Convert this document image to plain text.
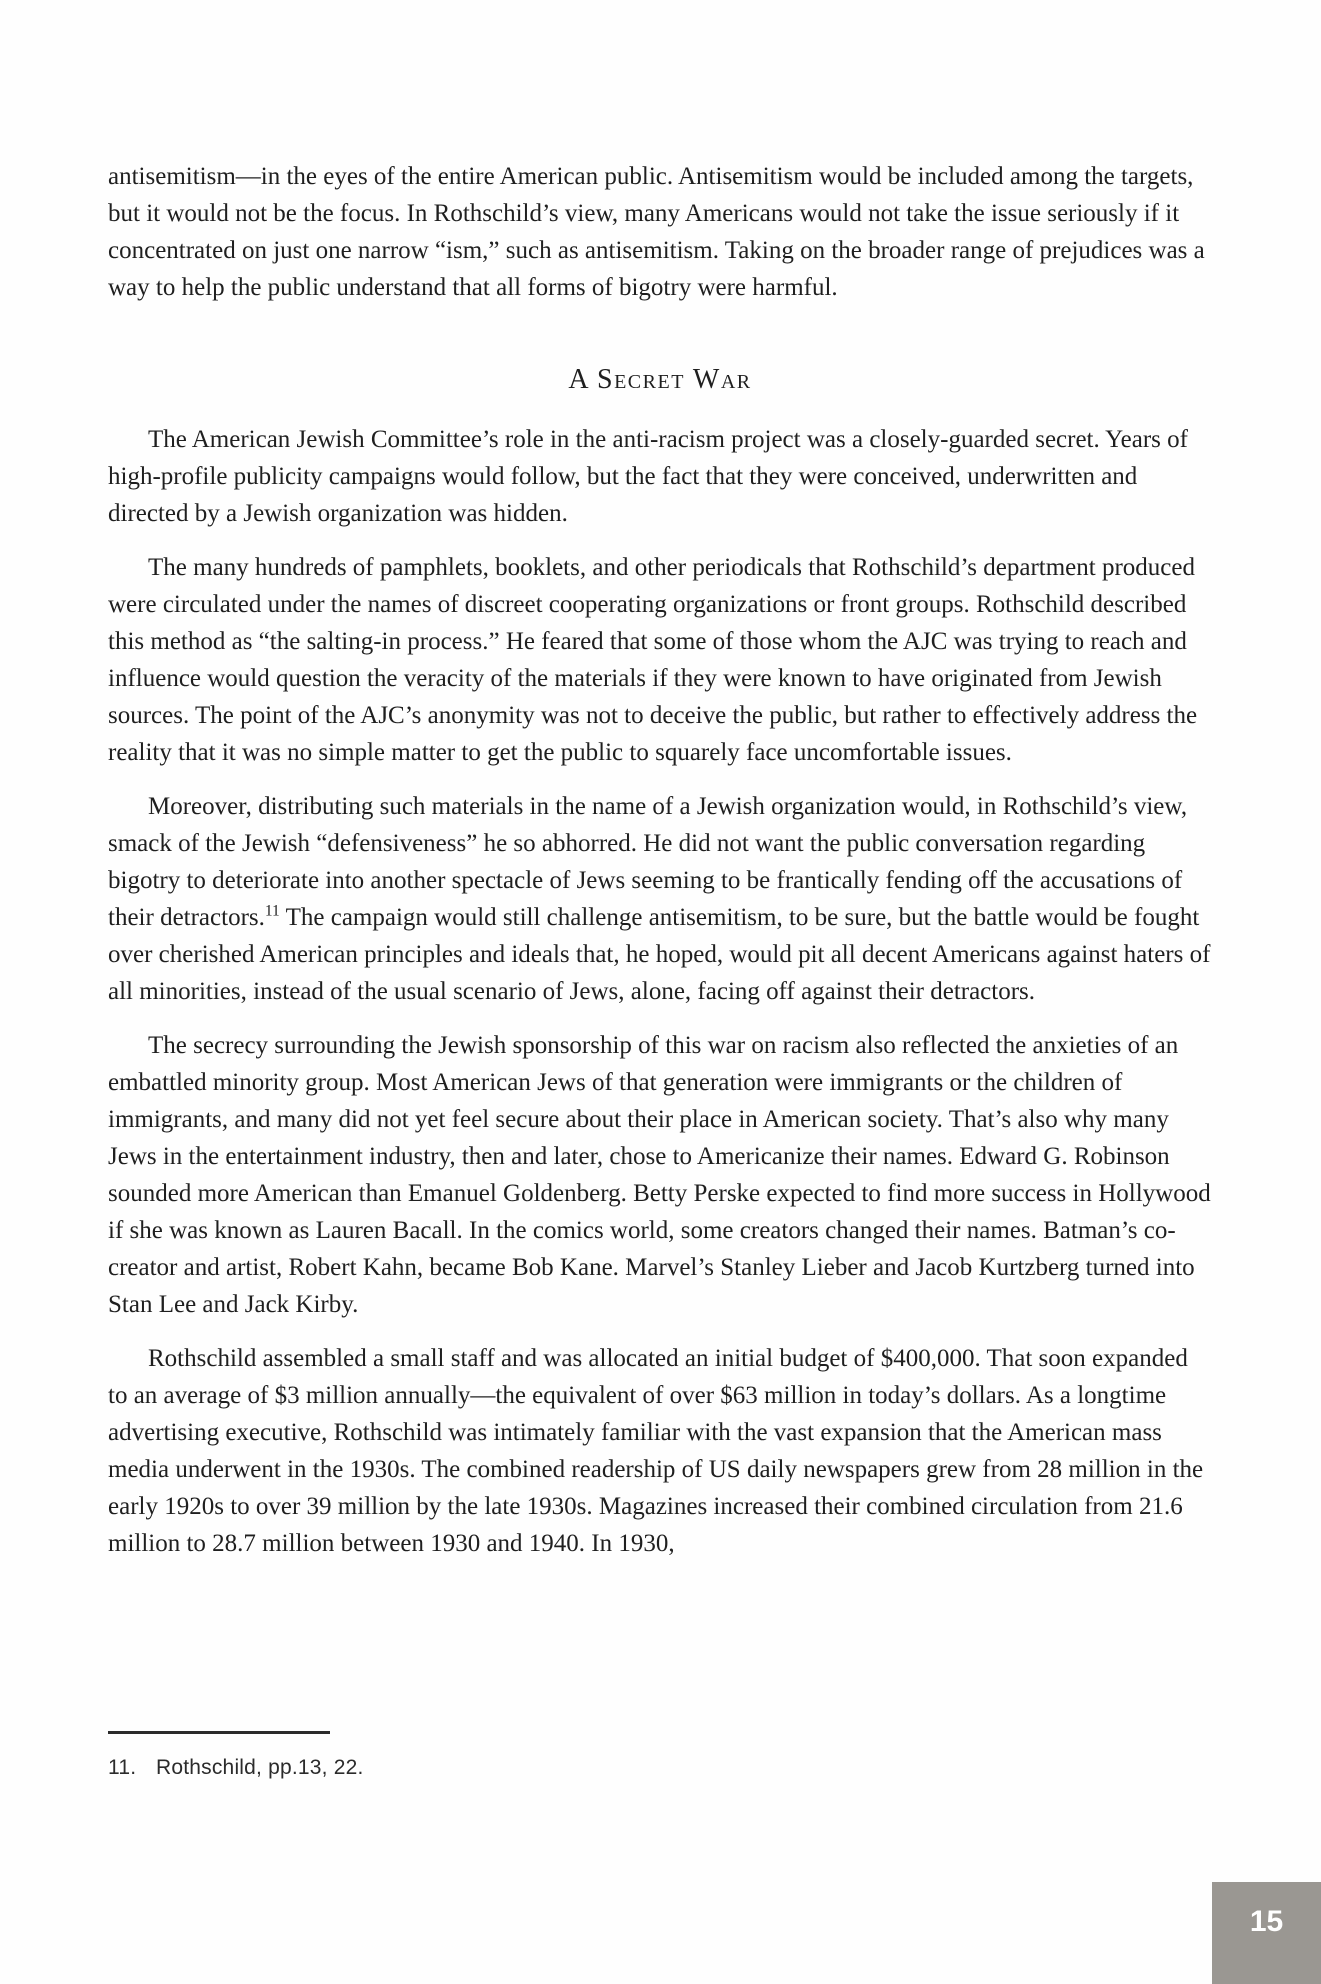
antisemitism—in the eyes of the entire American public. Antisemitism would be included among the targets, but it would not be the focus. In Rothschild’s view, many Americans would not take the issue seriously if it concentrated on just one narrow “ism,” such as antisemitism. Taking on the broader range of prejudices was a way to help the public understand that all forms of bigotry were harmful.

A Secret War

The American Jewish Committee’s role in the anti-racism project was a closely-guarded secret. Years of high-profile publicity campaigns would follow, but the fact that they were conceived, underwritten and directed by a Jewish organization was hidden.

The many hundreds of pamphlets, booklets, and other periodicals that Rothschild’s department produced were circulated under the names of discreet cooperating organizations or front groups. Rothschild described this method as “the salting-in process.” He feared that some of those whom the AJC was trying to reach and influence would question the veracity of the materials if they were known to have originated from Jewish sources. The point of the AJC’s anonymity was not to deceive the public, but rather to effectively address the reality that it was no simple matter to get the public to squarely face uncomfortable issues.

Moreover, distributing such materials in the name of a Jewish organization would, in Rothschild’s view, smack of the Jewish “defensiveness” he so abhorred. He did not want the public conversation regarding bigotry to deteriorate into another spectacle of Jews seeming to be frantically fending off the accusations of their detractors.$^{11}$ The campaign would still challenge antisemitism, to be sure, but the battle would be fought over cherished American principles and ideals that, he hoped, would pit all decent Americans against haters of all minorities, instead of the usual scenario of Jews, alone, facing off against their detractors.

The secrecy surrounding the Jewish sponsorship of this war on racism also reflected the anxieties of an embattled minority group. Most American Jews of that generation were immigrants or the children of immigrants, and many did not yet feel secure about their place in American society. That’s also why many Jews in the entertainment industry, then and later, chose to Americanize their names. Edward G. Robinson sounded more American than Emanuel Goldenberg. Betty Perske expected to find more success in Hollywood if she was known as Lauren Bacall. In the comics world, some creators changed their names. Batman’s co-creator and artist, Robert Kahn, became Bob Kane. Marvel’s Stanley Lieber and Jacob Kurtzberg turned into Stan Lee and Jack Kirby.

Rothschild assembled a small staff and was allocated an initial budget of $400,000. That soon expanded to an average of $3 million annually—the equivalent of over $63 million in today’s dollars. As a longtime advertising executive, Rothschild was intimately familiar with the vast expansion that the American mass media underwent in the 1930s. The combined readership of US daily newspapers grew from 28 million in the early 1920s to over 39 million by the late 1930s. Magazines increased their combined circulation from 21.6 million to 28.7 million between 1930 and 1940. In 1930,

11. Rothschild, pp.13, 22.
15
